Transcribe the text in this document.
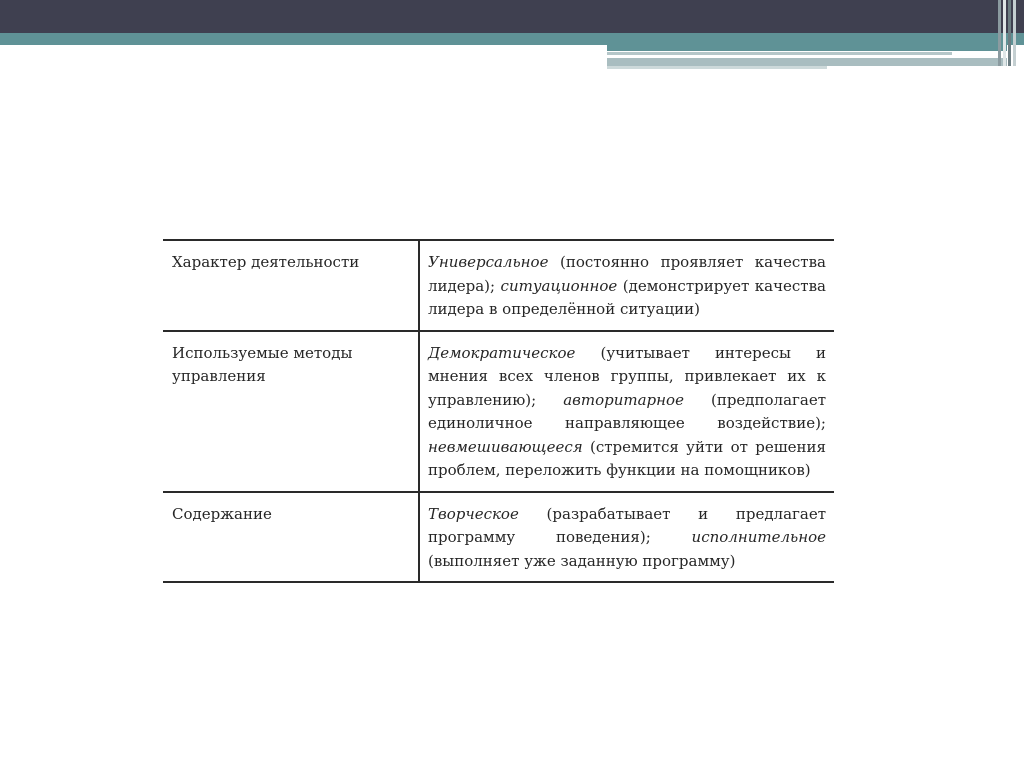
Характер деятельности	Универсальное (постоянно проявляет качества лидера); ситуационное (демонстрирует качества лидера в определённой ситуации)
Используемые методы управления	Демократическое (учитывает интересы и мнения всех членов группы, привлекает их к управлению); авторитарное (предполагает единоличное направляющее воздействие); невмешивающееся (стремится уйти от решения проблем, переложить функции на помощников)
Содержание	Творческое (разрабатывает и предлагает программу поведения); исполнительное (выполняет уже заданную программу)
